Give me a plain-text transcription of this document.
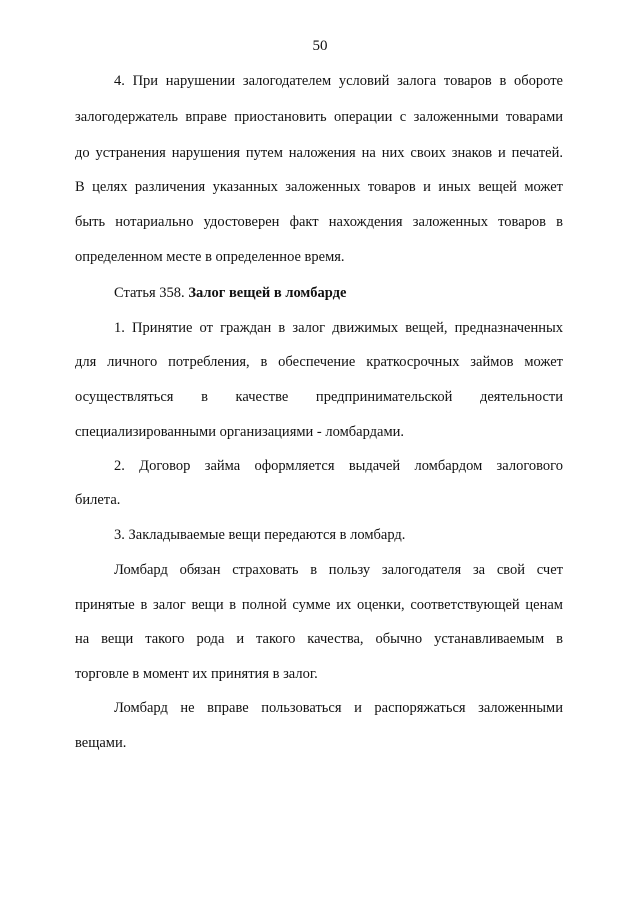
50
4. При нарушении залогодателем условий залога товаров в обороте
залогодержатель вправе приостановить операции с заложенными товарами
до устранения нарушения путем наложения на них своих знаков и печатей.
В целях различения указанных заложенных товаров и иных вещей может
быть нотариально удостоверен факт нахождения заложенных товаров в
определенном месте в определенное время.
Статья 358. Залог вещей в ломбарде
1. Принятие от граждан в залог движимых вещей, предназначенных
для личного потребления, в обеспечение краткосрочных займов может
осуществляться в качестве предпринимательской деятельности
специализированными организациями - ломбардами.
2. Договор займа оформляется выдачей ломбардом залогового
билета.
3. Закладываемые вещи передаются в ломбард.
Ломбард обязан страховать в пользу залогодателя за свой счет
принятые в залог вещи в полной сумме их оценки, соответствующей ценам
на вещи такого рода и такого качества, обычно устанавливаемым в
торговле в момент их принятия в залог.
Ломбард не вправе пользоваться и распоряжаться заложенными
вещами.
